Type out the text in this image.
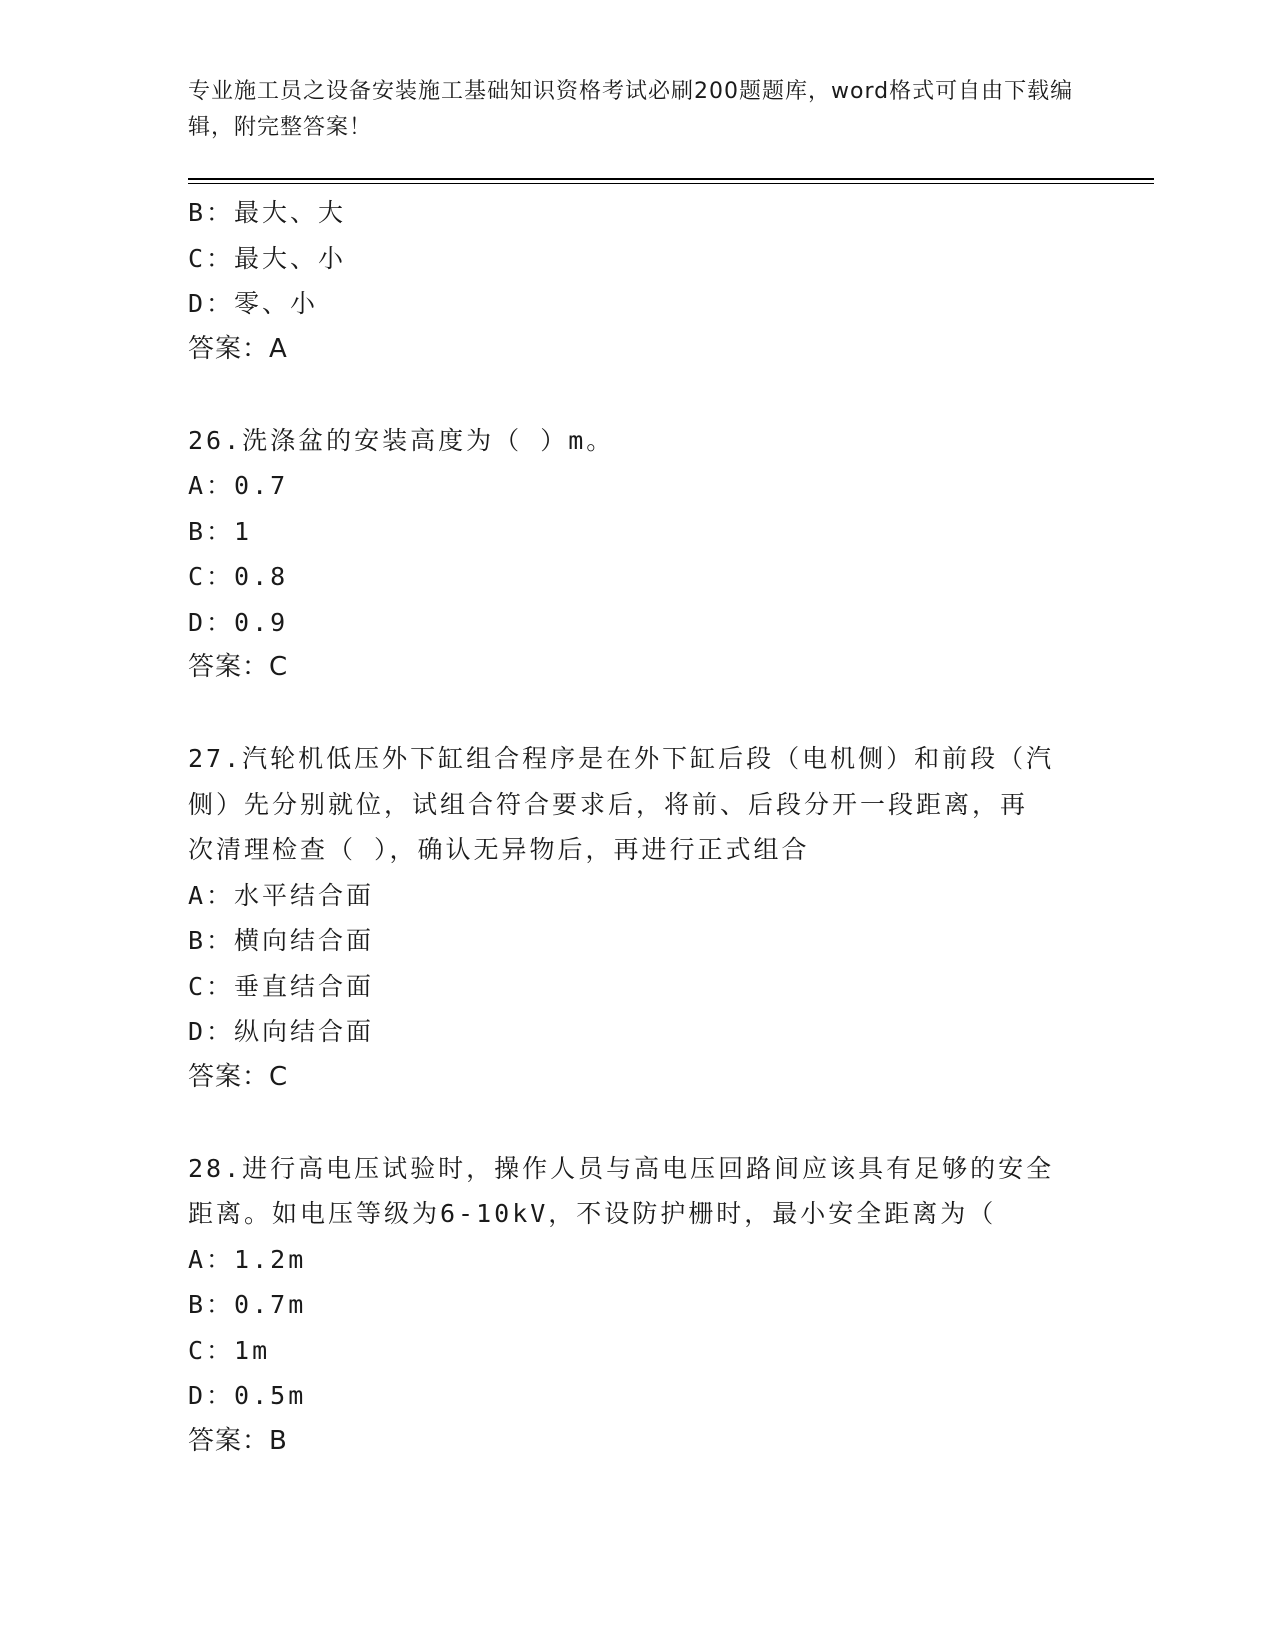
专业施工员之设备安装施工基础知识资格考试必刷200题题库，word格式可自由下载编辑，附完整答案！
B：最大、大
C：最大、小
D：零、小
答案：A
26.洗涤盆的安装高度为（ ）m。
A：0.7
B：1
C：0.8
D：0.9
答案：C
27.汽轮机低压外下缸组合程序是在外下缸后段（电机侧）和前段（汽
侧）先分别就位，试组合符合要求后，将前、后段分开一段距离，再
次清理检查（ ），确认无异物后，再进行正式组合
A：水平结合面
B：横向结合面
C：垂直结合面
D：纵向结合面
答案：C
28.进行高电压试验时，操作人员与高电压回路间应该具有足够的安全
距离。如电压等级为6-10kV，不设防护栅时，最小安全距离为（
A：1.2m
B：0.7m
C：1m
D：0.5m
答案：B
